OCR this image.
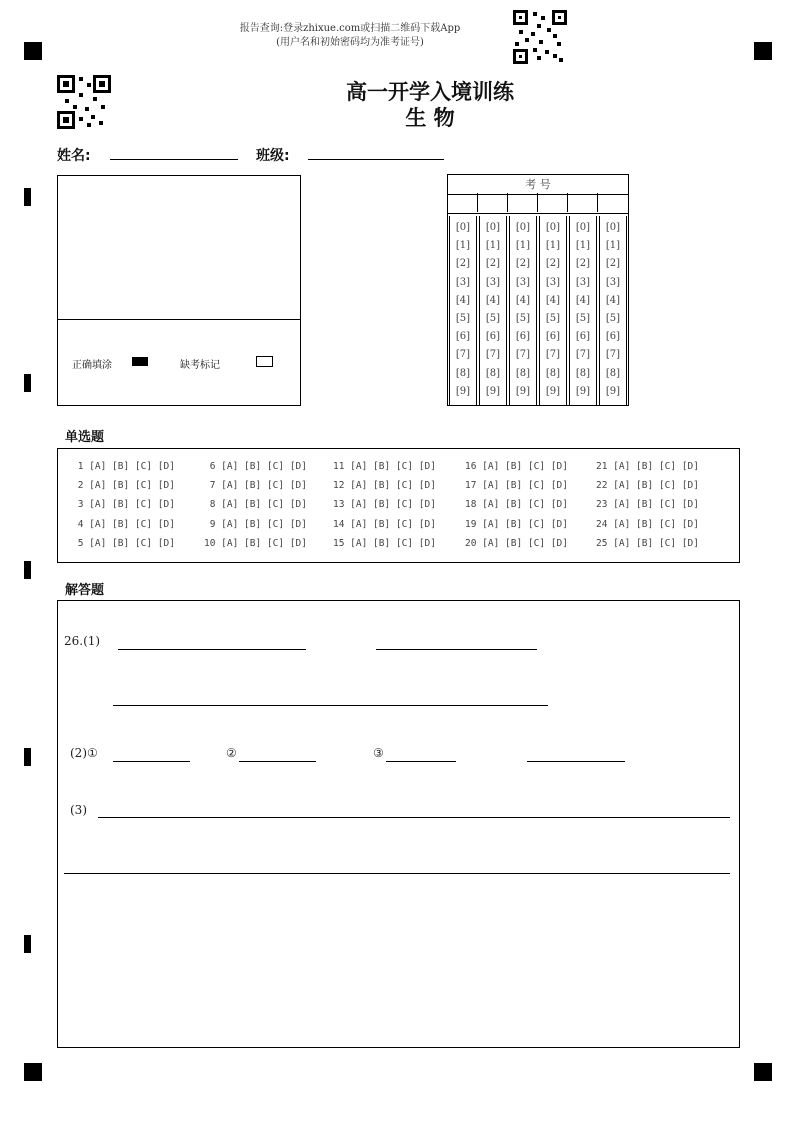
报告查询:登录zhixue.com或扫描二维码下载App
(用户名和初始密码均为准考证号)
高一开学入境训练
生 物
姓名:	班级:
正确填涂	缺考标记
考 号
[0]	[0]	[0]	[0]	[0]	[0]
[1]	[1]	[1]	[1]	[1]	[1]
[2]	[2]	[2]	[2]	[2]	[2]
[3]	[3]	[3]	[3]	[3]	[3]
[4]	[4]	[4]	[4]	[4]	[4]
[5]	[5]	[5]	[5]	[5]	[5]
[6]	[6]	[6]	[6]	[6]	[6]
[7]	[7]	[7]	[7]	[7]	[7]
[8]	[8]	[8]	[8]	[8]	[8]
[9]	[9]	[9]	[9]	[9]	[9]
单选题
1 [A] [B] [C] [D]
2 [A] [B] [C] [D]
3 [A] [B] [C] [D]
4 [A] [B] [C] [D]
5 [A] [B] [C] [D]
6 [A] [B] [C] [D]
7 [A] [B] [C] [D]
8 [A] [B] [C] [D]
9 [A] [B] [C] [D]
10 [A] [B] [C] [D]
11 [A] [B] [C] [D]
12 [A] [B] [C] [D]
13 [A] [B] [C] [D]
14 [A] [B] [C] [D]
15 [A] [B] [C] [D]
16 [A] [B] [C] [D]
17 [A] [B] [C] [D]
18 [A] [B] [C] [D]
19 [A] [B] [C] [D]
20 [A] [B] [C] [D]
21 [A] [B] [C] [D]
22 [A] [B] [C] [D]
23 [A] [B] [C] [D]
24 [A] [B] [C] [D]
25 [A] [B] [C] [D]
解答题
26.(1)
(2)①	②	③
(3)
